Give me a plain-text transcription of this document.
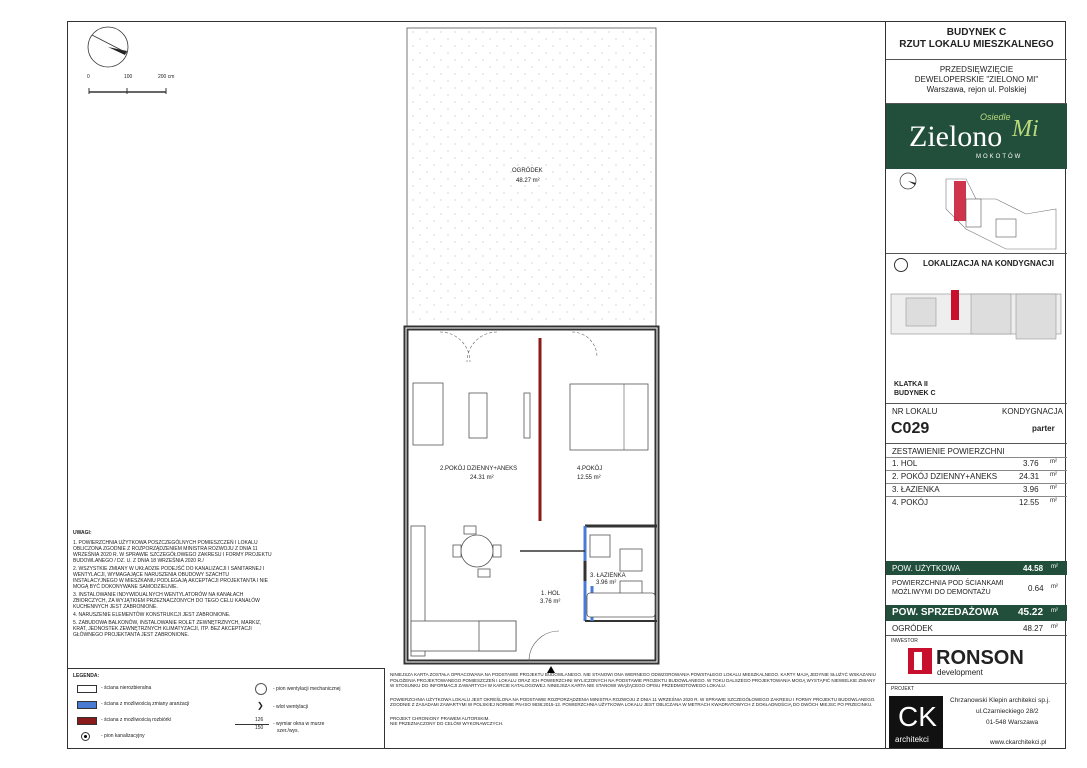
0	100	200 cm
OGRÓDEK
48.27 m²
2.POKÓJ DZIENNY+ANEKS
24.31 m²
4.POKÓJ
12.55 m²
3. ŁAZIENKA
3.96 m²
1. HOL
3.76 m²
UWAGI:
1. POWIERZCHNIA UŻYTKOWA POSZCZEGÓLNYCH POMIESZCZEŃ I LOKALU OBLICZONA ZGODNIE Z ROZPORZĄDZENIEM MINISTRA ROZWOJU Z DNIA 11 WRZEŚNIA 2020 R. W SPRAWIE SZCZEGÓŁOWEGO ZAKRESU I FORMY PROJEKTU BUDOWLANEGO / DZ. U. Z DNIA 18 WRZEŚNIA 2020 R./
2. WSZYSTKIE ZMIANY W UKŁADZIE PODEJŚĆ DO KANALIZACJI I SANITARNEJ I WENTYLACJI, WYMAGAJĄCE NARUSZENIA OBUDOWY SZACHTU INSTALACYJNEGO W MIESZKANIU PODLEGAJĄ AKCEPTACJI PROJEKTANTA I NIE MOGĄ BYĆ DOKONYWANE SAMODZIELNIE.
3. INSTALOWANIE INDYWIDUALNYCH WENTYLATORÓW NA KANAŁACH ZBIORCZYCH, ZA WYJĄTKIEM PRZEZNACZONYCH DO TEGO CELU KANAŁÓW KUCHENNYCH JEST ZABRONIONE.
4. NARUSZENIE ELEMENTÓW KONSTRUKCJI JEST ZABRONIONE.
5. ZABUDOWA BALKONÓW, INSTALOWANIE ROLET ZEWNĘTRZNYCH, MARKIZ, KRAT, JEDNOSTEK ZEWNĘTRZNYCH KLIMATYZACJI, ITP. BEZ AKCEPTACJI GŁÓWNEGO PROJEKTANTA JEST ZABRONIONE.
LEGENDA:
- ściana nierozbieralna
- ściana z możliwością zmiany aranżacji
- ściana z możliwością rozbiórki
- pion kanalizacyjny
- pion wentylacji mechanicznej
❯ - wlot wentylacji
126
150
- wymiar okna w murze
szer./wys.
NINIEJSZA KARTA ZOSTAŁA OPRACOWANA NA PODSTAWIE PROJEKTU BUDOWLANEGO. NIE STANOWI ONA WIERNEGO ODWZOROWANIA POWSTAŁEGO LOKALU MIESZKALNEGO. KARTY MAJĄ JEDYNIE SŁUŻYĆ WSKAZANIU POŁOŻENIA PROJEKTOWANEGO POMIESZCZEŃ I LOKALU ORAZ ICH POWIERZCHNI WYLICZONYCH NA PODSTAWIE PROJEKTU BUDOWLANEGO. W TOKU DALSZEGO PROJEKTOWANIA MOGĄ WYSTĄPIĆ NIEWIELKIE ZMIANY W STOSUNKU DO INFORMACJI ZAWARTYCH W KARCIE KATALOGOWEJ. NINIEJSZA KARTA NIE STANOWI WIĄŻĄCEGO OPISU PRZEDMIOTOWEGO LOKALU.
POWIERZCHNIA UŻYTKOWA LOKALU JEST OKREŚLONA NA PODSTAWIE ROZPORZĄDZENIA MINISTRA ROZWOJU Z DNIA 11 WRZEŚNIA 2020 R. W SPRAWIE SZCZEGÓŁOWEGO ZAKRESU I FORMY PROJEKTU BUDOWLANEGO. ZGODNIE Z ZASADAMI ZAWARTYMI W POLSKIEJ NORMIE PN-ISO 9836:2015-12. POWIERZCHNIA UŻYTKOWA LOKALU JEST OBLICZANA W METRACH KWADRATOWYCH Z DOKŁADNOŚCIĄ DO DWÓCH MIEJSC PO PRZECINKU.
PROJEKT CHRONIONY PRAWEM AUTORSKIM.
NIE PRZEZNACZONY DO CELÓW WYKONAWCZYCH.
BUDYNEK C
RZUT LOKALU MIESZKALNEGO
PRZEDSIĘWZIĘCIE
DEWELOPERSKIE "ZIELONO MI"
Warszawa, rejon ul. Polskiej
Osiedle
Zielono Mi
MOKOTÓW
LOKALIZACJA NA KONDYGNACJI
KLATKA II
BUDYNEK C
NR LOKALU	KONDYGNACJA
C029	parter
ZESTAWIENIE POWIERZCHNI
1. HOL	3.76 m²
2. POKÓJ DZIENNY+ANEKS	24.31 m²
3. ŁAZIENKA	3.96 m²
4. POKÓJ	12.55 m²
POW. UŻYTKOWA	44.58 m²
POWIERZCHNIA POD ŚCIANKAMI
MOŻLIWYMI DO DEMONTAŻU	0.64 m²
POW. SPRZEDAŻOWA 45.22 m²
OGRÓDEK	48.27 m²
INWESTOR
RONSON
development
PROJEKT
CK
architekci
Chrzanowski Klepin architekci sp.j.
ul.Czarnieckiego 28/2
01-548 Warszawa
www.ckarchitekci.pl
